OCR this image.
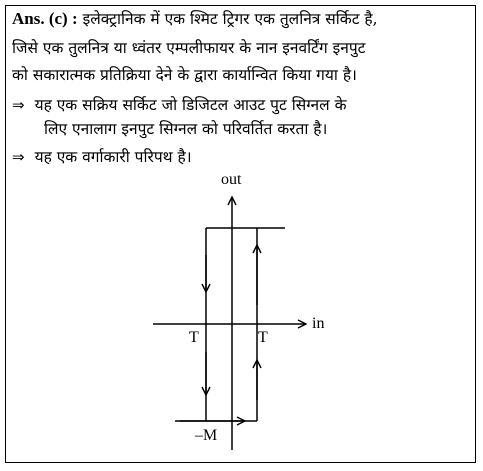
Ans. (c) : इलेक्ट्रानिक में एक श्मिट ट्रिगर एक तुलनित्र सर्किट है,
जिसे एक तुलनित्र या ध्वंतर एम्पलीफायर के नान इनवर्टिंग इनपुट
को सकारात्मक प्रतिक्रिया देने के द्वारा कार्यान्वित किया गया है।
⇒ यह एक सक्रिय सर्किट जो डिजिटल आउट पुट सिग्नल के
लिए एनालाग इनपुट सिग्नल को परिवर्तित करता है।
⇒ यह एक वर्गाकारी परिपथ है।
out
in
T	T
–M
